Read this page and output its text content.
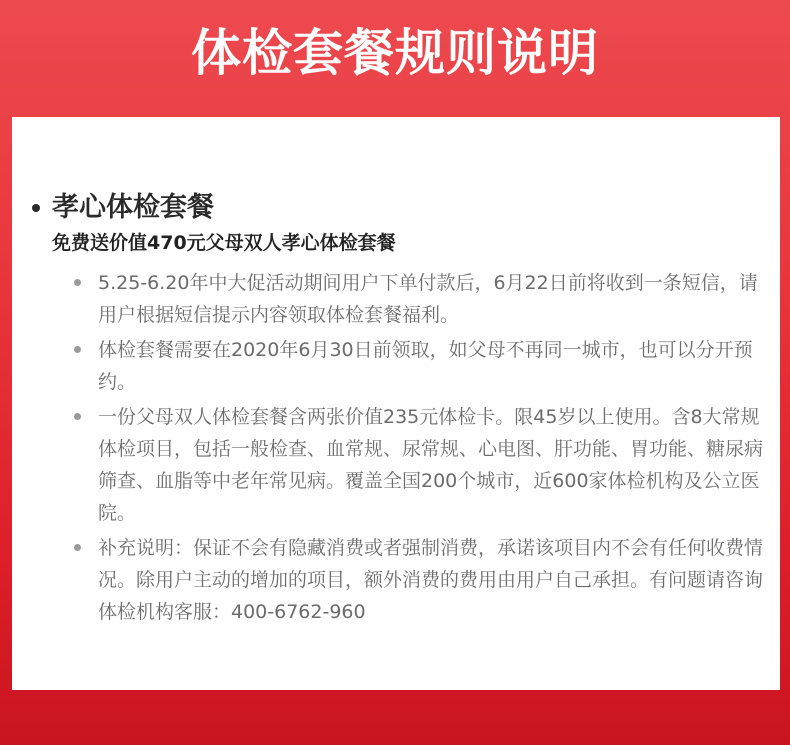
体检套餐规则说明
孝心体检套餐
免费送价值470元父母双人孝心体检套餐
5.25-6.20年中大促活动期间用户下单付款后，6月22日前将收到一条短信，请用户根据短信提示内容领取体检套餐福利。
体检套餐需要在2020年6月30日前领取，如父母不再同一城市，也可以分开预约。
一份父母双人体检套餐含两张价值235元体检卡。限45岁以上使用。含8大常规体检项目，包括一般检查、血常规、尿常规、心电图、肝功能、胃功能、糖尿病筛查、血脂等中老年常见病。覆盖全国200个城市，近600家体检机构及公立医院。
补充说明：保证不会有隐藏消费或者强制消费，承诺该项目内不会有任何收费情况。除用户主动的增加的项目，额外消费的费用由用户自己承担。有问题请咨询体检机构客服：400-6762-960
